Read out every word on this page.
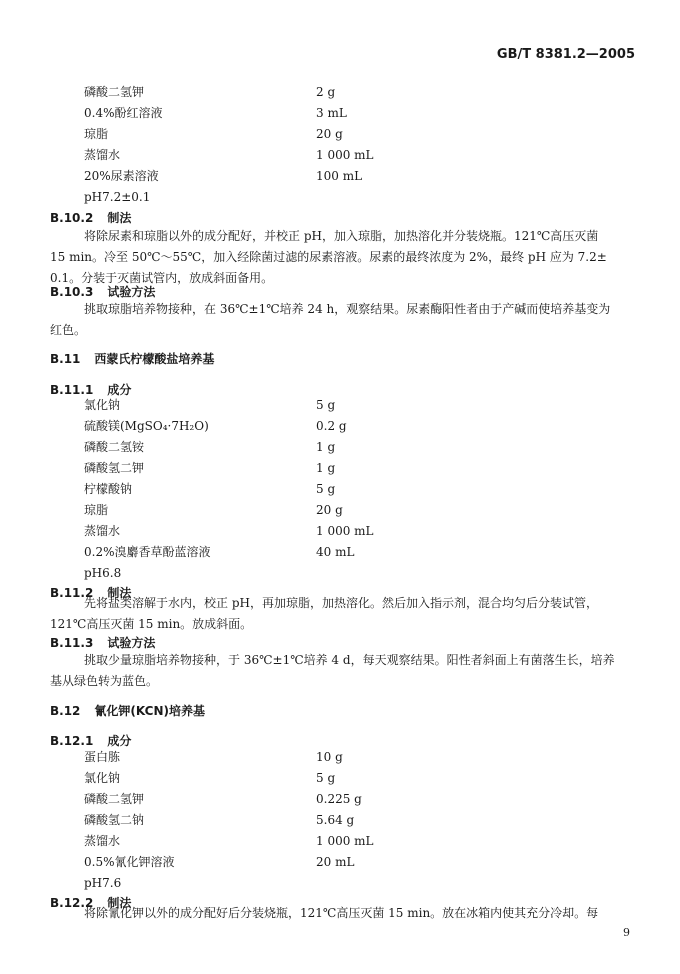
GB/T 8381.2—2005
磷酸二氢钾	2 g
0.4%酚红溶液	3 mL
琼脂	20 g
蒸馏水	1 000 mL
20%尿素溶液	100 mL
pH7.2±0.1
B.10.2 制法

将除尿素和琼脂以外的成分配好，并校正 pH，加入琼脂，加热溶化并分装烧瓶。121℃高压灭菌

15 min。冷至 50℃～55℃，加入经除菌过滤的尿素溶液。尿素的最终浓度为 2%，最终 pH 应为 7.2±

0.1。分装于灭菌试管内，放成斜面备用。

B.10.3 试验方法

挑取琼脂培养物接种，在 36℃±1℃培养 24 h，观察结果。尿素酶阳性者由于产碱而使培养基变为

红色。

B.11 西蒙氏柠檬酸盐培养基
B.11.1 成分
氯化钠	5 g
硫酸镁(MgSO₄·7H₂O)	0.2 g
磷酸二氢铵	1 g
磷酸氢二钾	1 g
柠檬酸钠	5 g
琼脂	20 g
蒸馏水	1 000 mL
0.2%溴麝香草酚蓝溶液	40 mL
pH6.8
B.11.2 制法

先将盐类溶解于水内，校正 pH，再加琼脂，加热溶化。然后加入指示剂，混合均匀后分装试管，

121℃高压灭菌 15 min。放成斜面。

B.11.3 试验方法

挑取少量琼脂培养物接种，于 36℃±1℃培养 4 d，每天观察结果。阳性者斜面上有菌落生长，培养

基从绿色转为蓝色。

B.12 氰化钾(KCN)培养基
B.12.1 成分
蛋白胨	10 g
氯化钠	5 g
磷酸二氢钾	0.225 g
磷酸氢二钠	5.64 g
蒸馏水	1 000 mL
0.5%氰化钾溶液	20 mL
pH7.6
B.12.2 制法

将除氰化钾以外的成分配好后分装烧瓶，121℃高压灭菌 15 min。放在冰箱内使其充分冷却。每

9
